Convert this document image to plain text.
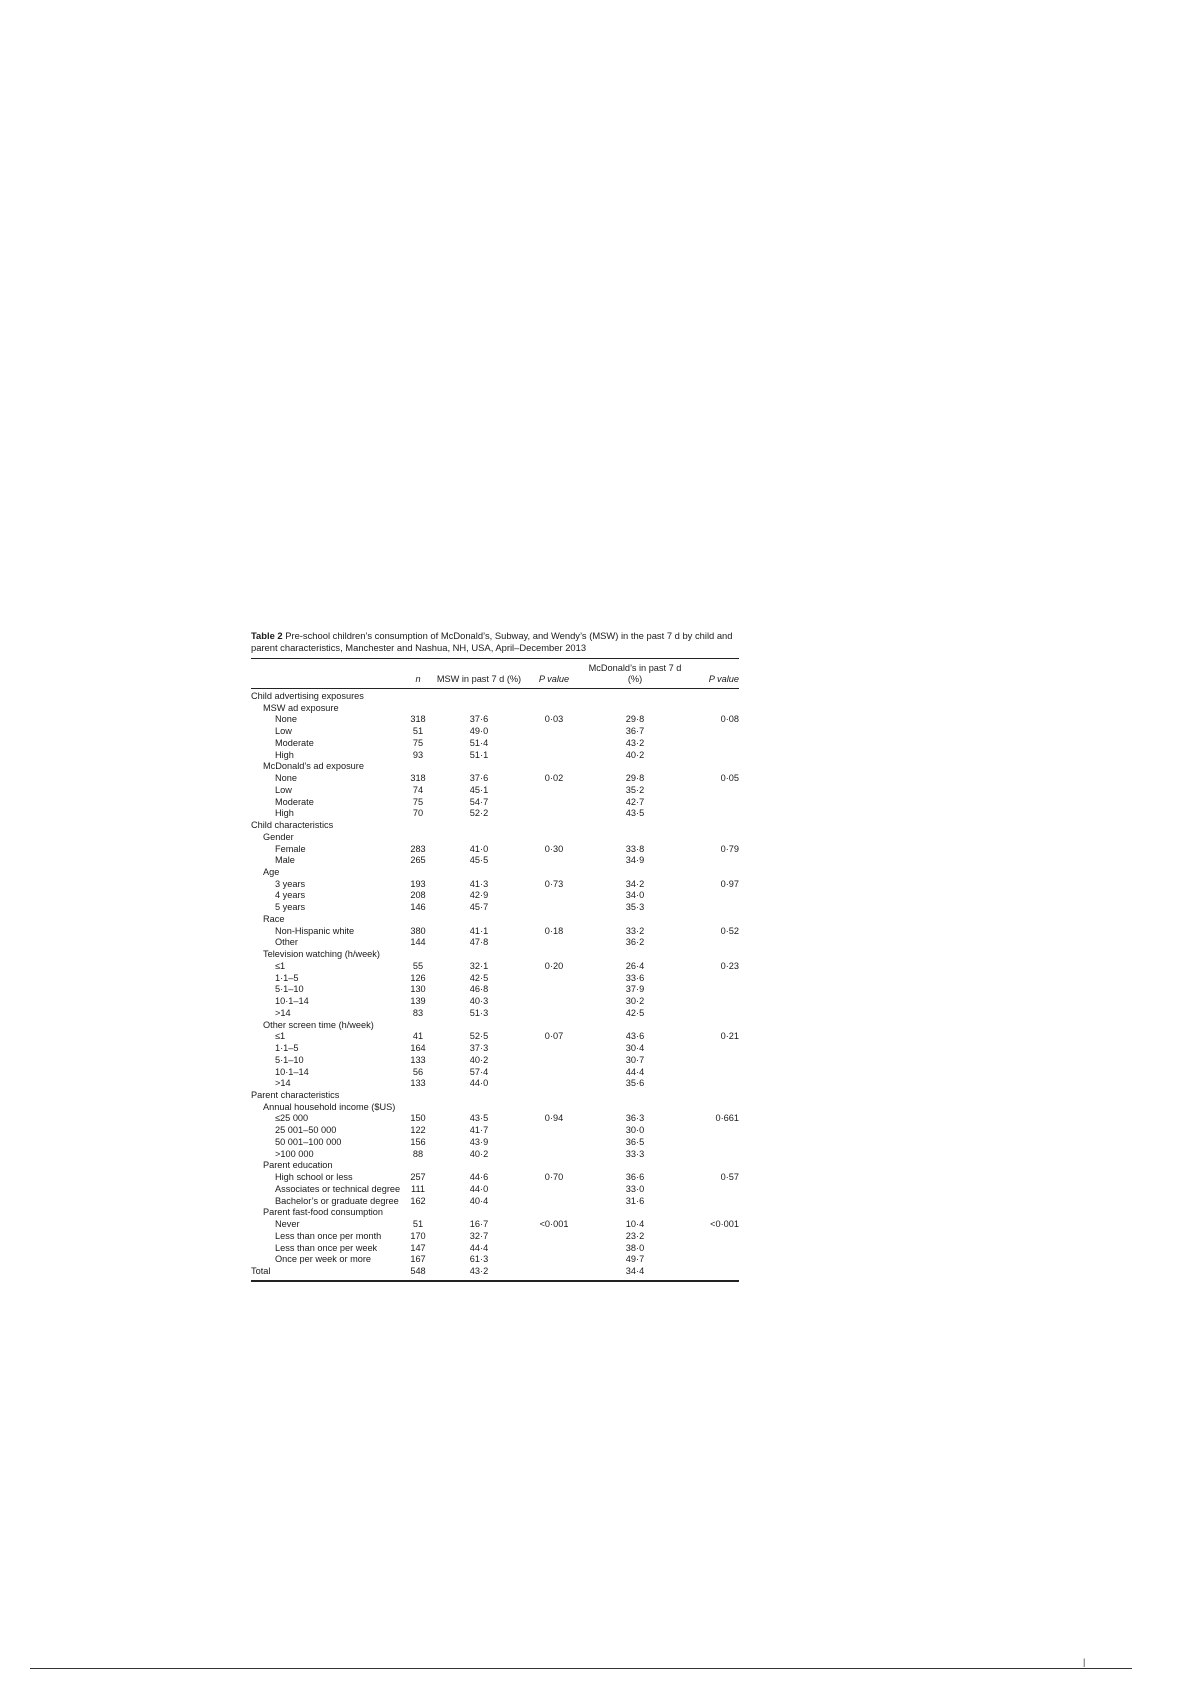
Table 2 Pre-school children’s consumption of McDonald’s, Subway, and Wendy’s (MSW) in the past 7 d by child and parent characteristics, Manchester and Nashua, NH, USA, April–December 2013

	n	MSW in past 7 d (%)	P value	McDonald’s in past 7 d (%)	P value
Child advertising exposures					
MSW ad exposure					
None	318	37·6	0·03	29·8	0·08
Low	51	49·0		36·7	
Moderate	75	51·4		43·2	
High	93	51·1		40·2	
McDonald’s ad exposure					
None	318	37·6	0·02	29·8	0·05
Low	74	45·1		35·2	
Moderate	75	54·7		42·7	
High	70	52·2		43·5	
Child characteristics					
Gender					
Female	283	41·0	0·30	33·8	0·79
Male	265	45·5		34·9	
Age					
3 years	193	41·3	0·73	34·2	0·97
4 years	208	42·9		34·0	
5 years	146	45·7		35·3	
Race					
Non-Hispanic white	380	41·1	0·18	33·2	0·52
Other	144	47·8		36·2	
Television watching (h/week)					
≤1	55	32·1	0·20	26·4	0·23
1·1–5	126	42·5		33·6	
5·1–10	130	46·8		37·9	
10·1–14	139	40·3		30·2	
>14	83	51·3		42·5	
Other screen time (h/week)					
≤1	41	52·5	0·07	43·6	0·21
1·1–5	164	37·3		30·4	
5·1–10	133	40·2		30·7	
10·1–14	56	57·4		44·4	
>14	133	44·0		35·6	
Parent characteristics					
Annual household income ($US)					
≤25 000	150	43·5	0·94	36·3	0·661
25 001–50 000	122	41·7		30·0	
50 001–100 000	156	43·9		36·5	
>100 000	88	40·2		33·3	
Parent education					
High school or less	257	44·6	0·70	36·6	0·57
Associates or technical degree	111	44·0		33·0	
Bachelor’s or graduate degree	162	40·4		31·6	
Parent fast-food consumption					
Never	51	16·7	<0·001	10·4	<0·001
Less than once per month	170	32·7		23·2	
Less than once per week	147	44·4		38·0	
Once per week or more	167	61·3		49·7	
Total	548	43·2		34·4	
|
